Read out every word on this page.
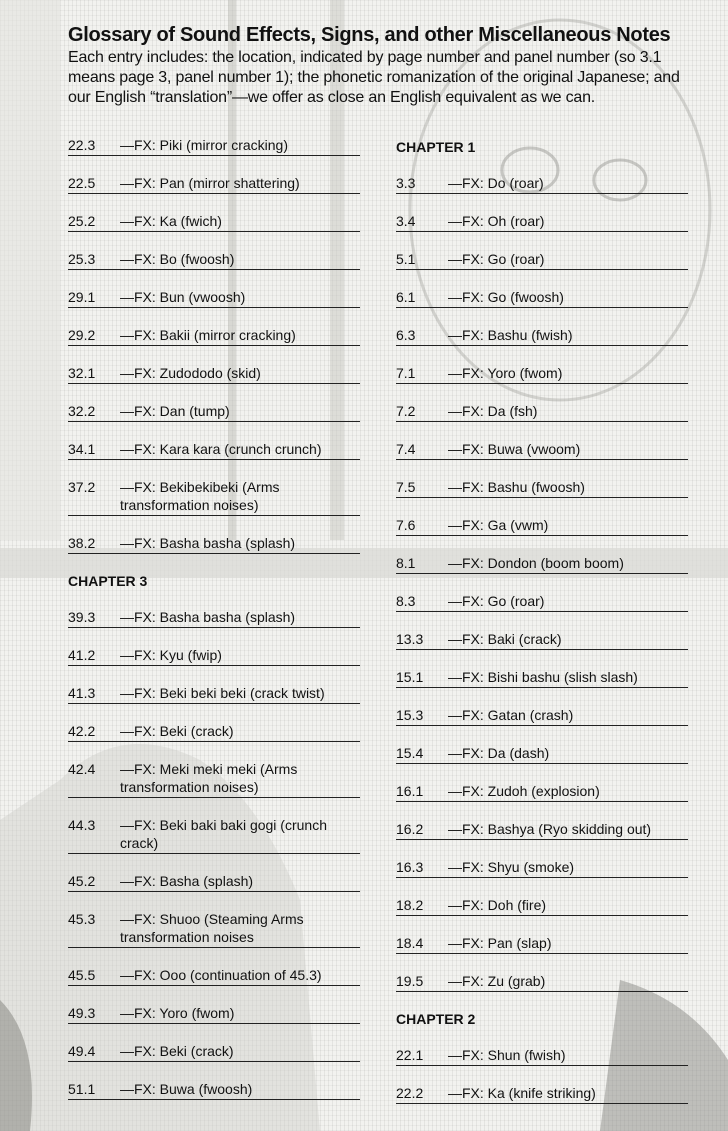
Glossary of Sound Effects, Signs, and other Miscellaneous Notes

Each entry includes: the location, indicated by page number and panel number (so 3.1 means page 3, panel number 1); the phonetic romanization of the original Japanese; and our English “translation”—we offer as close an English equivalent as we can.

22.3	—FX: Piki (mirror cracking)
22.5	—FX: Pan (mirror shattering)
25.2	—FX: Ka (fwich)
25.3	—FX: Bo (fwoosh)
29.1	—FX: Bun (vwoosh)
29.2	—FX: Bakii (mirror cracking)
32.1	—FX: Zudododo (skid)
32.2	—FX: Dan (tump)
34.1	—FX: Kara kara (crunch crunch)
37.2	—FX: Bekibekibeki (Arms transformation noises)
38.2	—FX: Basha basha (splash)
CHAPTER 3
39.3	—FX: Basha basha (splash)
41.2	—FX: Kyu (fwip)
41.3	—FX: Beki beki beki (crack twist)
42.2	—FX: Beki (crack)
42.4	—FX: Meki meki meki (Arms transformation noises)
44.3	—FX: Beki baki baki gogi (crunch crack)
45.2	—FX: Basha (splash)
45.3	—FX: Shuoo (Steaming Arms transformation noises
45.5	—FX: Ooo (continuation of 45.3)
49.3	—FX: Yoro (fwom)
49.4	—FX: Beki (crack)
51.1	—FX: Buwa (fwoosh)
CHAPTER 1
3.3	—FX: Do (roar)
3.4	—FX: Oh (roar)
5.1	—FX: Go (roar)
6.1	—FX: Go (fwoosh)
6.3	—FX: Bashu (fwish)
7.1	—FX: Yoro (fwom)
7.2	—FX: Da (fsh)
7.4	—FX: Buwa (vwoom)
7.5	—FX: Bashu (fwoosh)
7.6	—FX: Ga (vwm)
8.1	—FX: Dondon (boom boom)
8.3	—FX: Go (roar)
13.3	—FX: Baki (crack)
15.1	—FX: Bishi bashu (slish slash)
15.3	—FX: Gatan (crash)
15.4	—FX: Da (dash)
16.1	—FX: Zudoh (explosion)
16.2	—FX: Bashya (Ryo skidding out)
16.3	—FX: Shyu (smoke)
18.2	—FX: Doh (fire)
18.4	—FX: Pan (slap)
19.5	—FX: Zu (grab)
CHAPTER 2
22.1	—FX: Shun (fwish)
22.2	—FX: Ka (knife striking)
